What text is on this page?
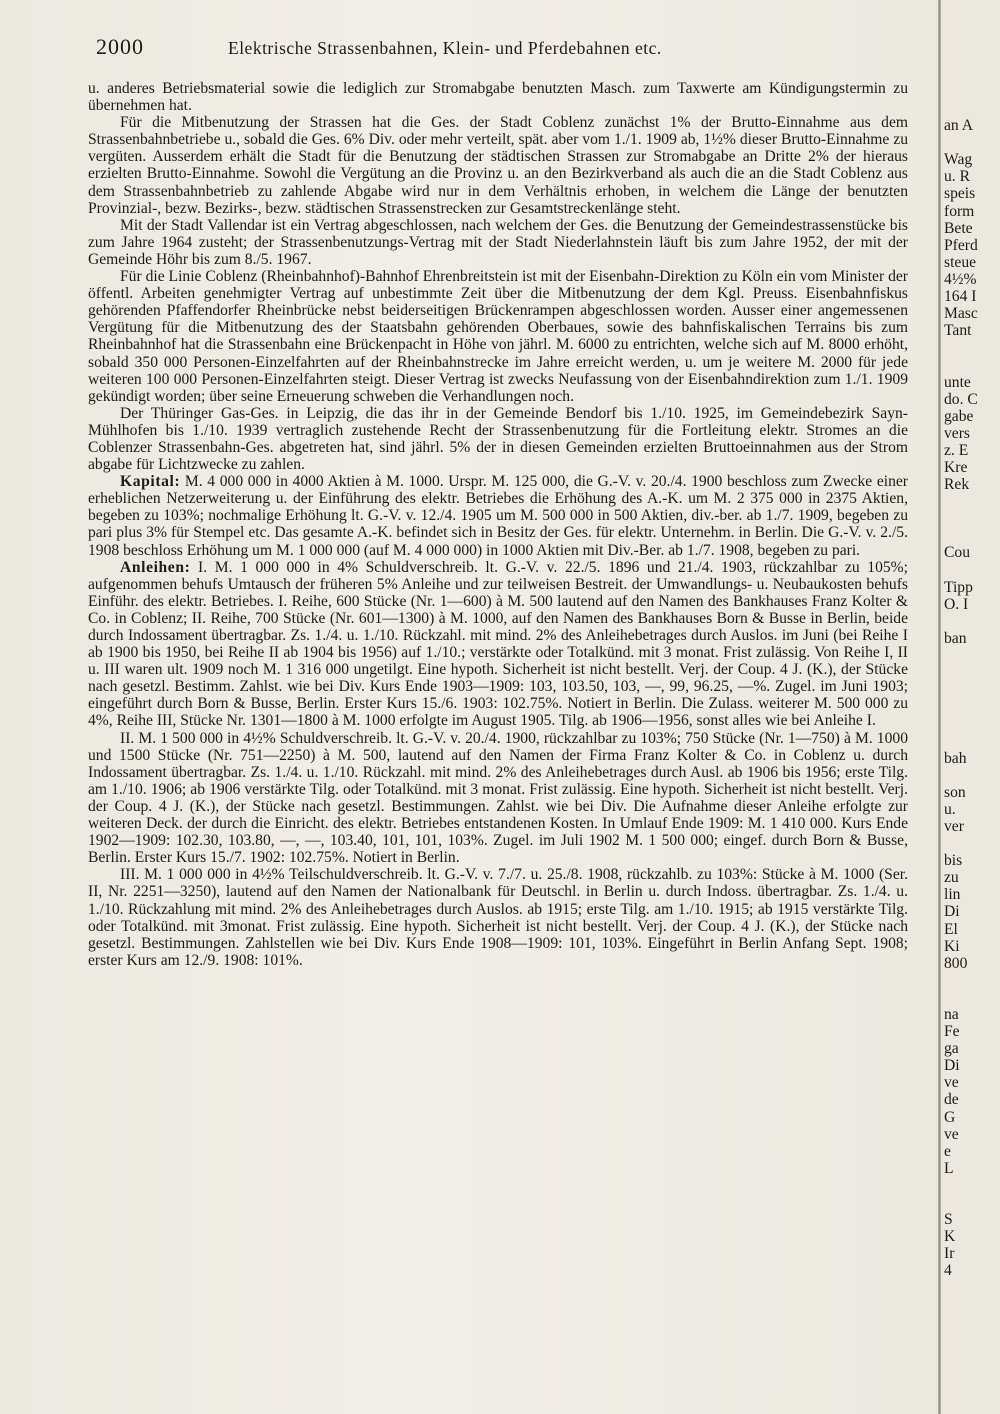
2000	Elektrische Strassenbahnen, Klein- und Pferdebahnen etc.

u. anderes Betriebsmaterial sowie die lediglich zur Stromabgabe benutzten Masch. zum Taxwerte am Kündigungstermin zu übernehmen hat.

Für die Mitbenutzung der Strassen hat die Ges. der Stadt Coblenz zunächst 1% der Brutto-Einnahme aus dem Strassenbahnbetriebe u., sobald die Ges. 6% Div. oder mehr verteilt, spät. aber vom 1./1. 1909 ab, 1½% dieser Brutto-Einnahme zu vergüten. Ausserdem erhält die Stadt für die Benutzung der städtischen Strassen zur Stromabgabe an Dritte 2% der hieraus erzielten Brutto-Einnahme. Sowohl die Vergütung an die Provinz u. an den Bezirkverband als auch die an die Stadt Coblenz aus dem Strassenbahnbetrieb zu zahlende Abgabe wird nur in dem Verhältnis erhoben, in welchem die Länge der benutzten Provinzial-, bezw. Bezirks-, bezw. städtischen Strassenstrecken zur Gesamtstreckenlänge steht.

Mit der Stadt Vallendar ist ein Vertrag abgeschlossen, nach welchem der Ges. die Benutzung der Gemeindestrassenstücke bis zum Jahre 1964 zusteht; der Strassenbenutzungs-Vertrag mit der Stadt Niederlahnstein läuft bis zum Jahre 1952, der mit der Gemeinde Höhr bis zum 8./5. 1967.

Für die Linie Coblenz (Rheinbahnhof)-Bahnhof Ehrenbreitstein ist mit der Eisenbahn-Direktion zu Köln ein vom Minister der öffentl. Arbeiten genehmigter Vertrag auf unbestimmte Zeit über die Mitbenutzung der dem Kgl. Preuss. Eisenbahnfiskus gehörenden Pfaffendorfer Rheinbrücke nebst beiderseitigen Brückenrampen abgeschlossen worden. Ausser einer angemessenen Vergütung für die Mitbenutzung des der Staatsbahn gehörenden Oberbaues, sowie des bahnfiskalischen Terrains bis zum Rheinbahnhof hat die Strassenbahn eine Brückenpacht in Höhe von jährl. M. 6000 zu entrichten, welche sich auf M. 8000 erhöht, sobald 350 000 Personen-Einzelfahrten auf der Rheinbahnstrecke im Jahre erreicht werden, u. um je weitere M. 2000 für jede weiteren 100 000 Personen-Einzelfahrten steigt. Dieser Vertrag ist zwecks Neufassung von der Eisenbahndirektion zum 1./1. 1909 gekündigt worden; über seine Erneuerung schweben die Verhandlungen noch.

Der Thüringer Gas-Ges. in Leipzig, die das ihr in der Gemeinde Bendorf bis 1./10. 1925, im Gemeindebezirk Sayn-Mühlhofen bis 1./10. 1939 vertraglich zustehende Recht der Strassenbenutzung für die Fortleitung elektr. Stromes an die Coblenzer Strassenbahn-Ges. abgetreten hat, sind jährl. 5% der in diesen Gemeinden erzielten Bruttoeinnahmen aus der Strom abgabe für Lichtzwecke zu zahlen.

Kapital: M. 4 000 000 in 4000 Aktien à M. 1000. Urspr. M. 125 000, die G.-V. v. 20./4. 1900 beschloss zum Zwecke einer erheblichen Netzerweiterung u. der Einführung des elektr. Betriebes die Erhöhung des A.-K. um M. 2 375 000 in 2375 Aktien, begeben zu 103%; nochmalige Erhöhung lt. G.-V. v. 12./4. 1905 um M. 500 000 in 500 Aktien, div.-ber. ab 1./7. 1909, begeben zu pari plus 3% für Stempel etc. Das gesamte A.-K. befindet sich in Besitz der Ges. für elektr. Unternehm. in Berlin. Die G.-V. v. 2./5. 1908 beschloss Erhöhung um M. 1 000 000 (auf M. 4 000 000) in 1000 Aktien mit Div.-Ber. ab 1./7. 1908, begeben zu pari.

Anleihen: I. M. 1 000 000 in 4% Schuldverschreib. lt. G.-V. v. 22./5. 1896 und 21./4. 1903, rückzahlbar zu 105%; aufgenommen behufs Umtausch der früheren 5% Anleihe und zur teilweisen Bestreit. der Umwandlungs- u. Neubaukosten behufs Einführ. des elektr. Betriebes. I. Reihe, 600 Stücke (Nr. 1—600) à M. 500 lautend auf den Namen des Bankhauses Franz Kolter & Co. in Coblenz; II. Reihe, 700 Stücke (Nr. 601—1300) à M. 1000, auf den Namen des Bankhauses Born & Busse in Berlin, beide durch Indossament übertragbar. Zs. 1./4. u. 1./10. Rückzahl. mit mind. 2% des Anleihebetrages durch Auslos. im Juni (bei Reihe I ab 1900 bis 1950, bei Reihe II ab 1904 bis 1956) auf 1./10.; verstärkte oder Totalkünd. mit 3 monat. Frist zulässig. Von Reihe I, II u. III waren ult. 1909 noch M. 1 316 000 ungetilgt. Eine hypoth. Sicherheit ist nicht bestellt. Verj. der Coup. 4 J. (K.), der Stücke nach gesetzl. Bestimm. Zahlst. wie bei Div. Kurs Ende 1903—1909: 103, 103.50, 103, —, 99, 96.25, —%. Zugel. im Juni 1903; eingeführt durch Born & Busse, Berlin. Erster Kurs 15./6. 1903: 102.75%. Notiert in Berlin. Die Zulass. weiterer M. 500 000 zu 4%, Reihe III, Stücke Nr. 1301—1800 à M. 1000 erfolgte im August 1905. Tilg. ab 1906—1956, sonst alles wie bei Anleihe I.

II. M. 1 500 000 in 4½% Schuldverschreib. lt. G.-V. v. 20./4. 1900, rückzahlbar zu 103%; 750 Stücke (Nr. 1—750) à M. 1000 und 1500 Stücke (Nr. 751—2250) à M. 500, lautend auf den Namen der Firma Franz Kolter & Co. in Coblenz u. durch Indossament übertragbar. Zs. 1./4. u. 1./10. Rückzahl. mit mind. 2% des Anleihebetrages durch Ausl. ab 1906 bis 1956; erste Tilg. am 1./10. 1906; ab 1906 verstärkte Tilg. oder Totalkünd. mit 3 monat. Frist zulässig. Eine hypoth. Sicherheit ist nicht bestellt. Verj. der Coup. 4 J. (K.), der Stücke nach gesetzl. Bestimmungen. Zahlst. wie bei Div. Die Aufnahme dieser Anleihe erfolgte zur weiteren Deck. der durch die Einricht. des elektr. Betriebes entstandenen Kosten. In Umlauf Ende 1909: M. 1 410 000. Kurs Ende 1902—1909: 102.30, 103.80, —, —, 103.40, 101, 101, 103%. Zugel. im Juli 1902 M. 1 500 000; eingef. durch Born & Busse, Berlin. Erster Kurs 15./7. 1902: 102.75%. Notiert in Berlin.

III. M. 1 000 000 in 4½% Teilschuldverschreib. lt. G.-V. v. 7./7. u. 25./8. 1908, rückzahlb. zu 103%: Stücke à M. 1000 (Ser. II, Nr. 2251—3250), lautend auf den Namen der Nationalbank für Deutschl. in Berlin u. durch Indoss. übertragbar. Zs. 1./4. u. 1./10. Rückzahlung mit mind. 2% des Anleihebetrages durch Auslos. ab 1915; erste Tilg. am 1./10. 1915; ab 1915 verstärkte Tilg. oder Totalkünd. mit 3monat. Frist zulässig. Eine hypoth. Sicherheit ist nicht bestellt. Verj. der Coup. 4 J. (K.), der Stücke nach gesetzl. Bestimmungen. Zahlstellen wie bei Div. Kurs Ende 1908—1909: 101, 103%. Eingeführt in Berlin Anfang Sept. 1908; erster Kurs am 12./9. 1908: 101%.

an A
Wag
u. R
speis
form
Bete
Pferd
steue
4½%
164 I
Masc
Tant
unte
do. C
gabe
vers
z. E
Kre
Rek
Cou
Tipp
O. I
ban
bah
son
u.
ver
bis
zu
lin
Di
El
Ki
800
na
Fe
ga
Di
ve
de
G
ve
e
L
S
K
Ir
4
